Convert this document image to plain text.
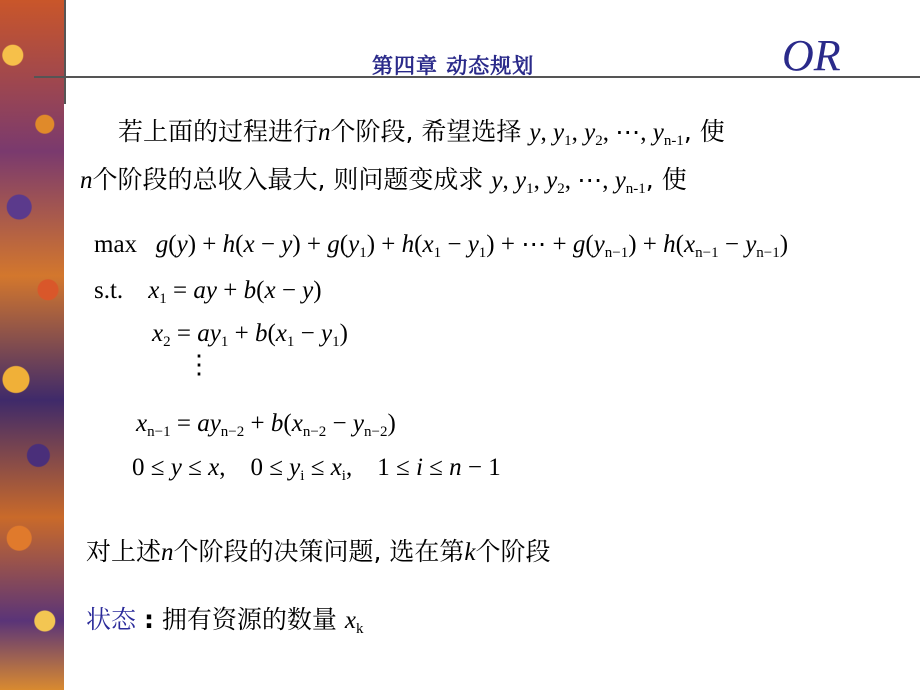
第四章 动态规划	OR
若上面的过程进行n个阶段, 希望选择 y, $y_1$, $y_2$, ⋯, $y_{n-1}$, 使
n个阶段的总收入最大, 则问题变成求 y, $y_1$, $y_2$, ⋯, $y_{n-1}$, 使
$\max g(y) + h(x - y) + g(y_1) + h(x_1 - y_1)$ + ⋯ + $g(y_{n-1}) + h(x_{n-1} - y_{n-1})$
s.t. $x_1$ = ay + b(x − y)
$x_2 = ay_1 + b(x_1 - y_1)$
⋮
$x_{n-1} = ay_{n-2} + b(x_{n-2} - y_{n-2})$
0 ≤ y ≤ x,    $0 \le y_i \le x_i$,    1 ≤ i ≤ n − 1
对上述n个阶段的决策问题, 选在第k个阶段
状态 : 拥有资源的数量 $x_k$
